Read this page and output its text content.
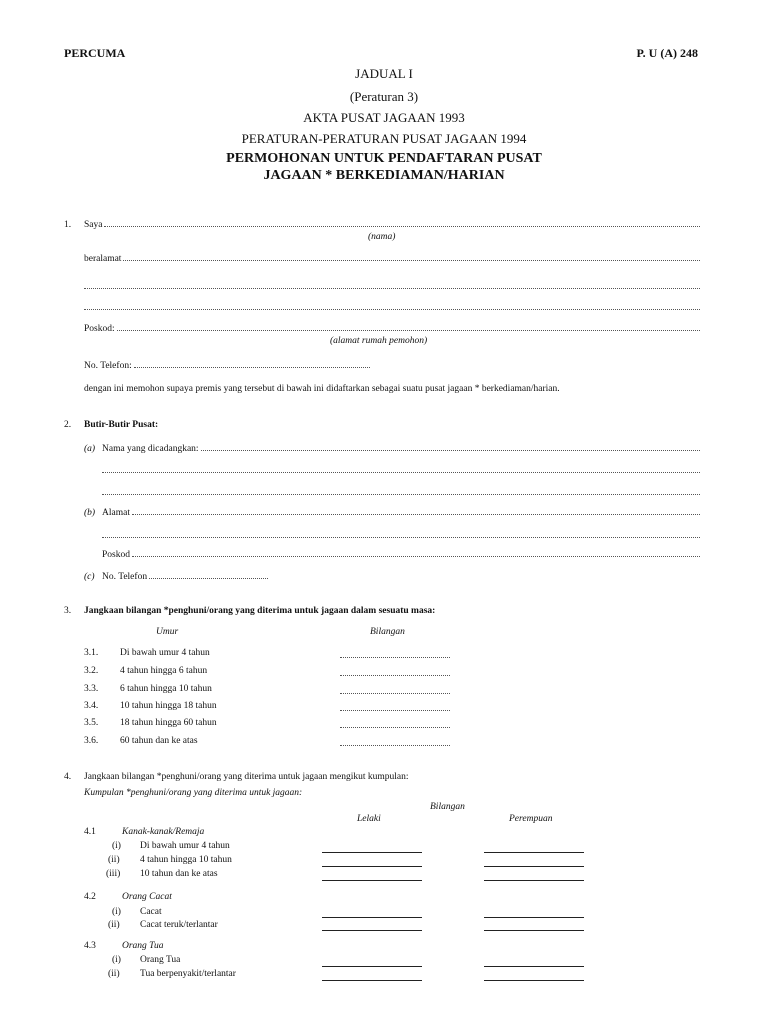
PERCUMA	P. U (A) 248
JADUAL I
(Peraturan 3)
AKTA PUSAT JAGAAN 1993
PERATURAN-PERATURAN PUSAT JAGAAN 1994
PERMOHONAN UNTUK PENDAFTARAN PUSAT
JAGAAN * BERKEDIAMAN/HARIAN
1. Saya
(nama)
beralamat
Poskod:
(alamat rumah pemohon)
No. Telefon:
dengan ini memohon supaya premis yang tersebut di bawah ini didaftarkan sebagai suatu pusat jagaan * berkediaman/harian.
2. Butir-Butir Pusat:
(a) Nama yang dicadangkan:
(b) Alamat
Poskod
(c) No. Telefon
3. Jangkaan bilangan *penghuni/orang yang diterima untuk jagaan dalam sesuatu masa:
Umur	Bilangan
3.1. Di bawah umur 4 tahun
3.2. 4 tahun hingga 6 tahun
3.3. 6 tahun hingga 10 tahun
3.4. 10 tahun hingga 18 tahun
3.5. 18 tahun hingga 60 tahun
3.6. 60 tahun dan ke atas
4. Jangkaan bilangan *penghuni/orang yang diterima untuk jagaan mengikut kumpulan:
Kumpulan *penghuni/orang yang diterima untuk jagaan:
Bilangan
Lelaki	Perempuan
4.1	Kanak-kanak/Remaja
(i) Di bawah umur 4 tahun
(ii) 4 tahun hingga 10 tahun
(iii) 10 tahun dan ke atas
4.2	Orang Cacat
(i) Cacat
(ii) Cacat teruk/terlantar
4.3	Orang Tua
(i) Orang Tua
(ii) Tua berpenyakit/terlantar
